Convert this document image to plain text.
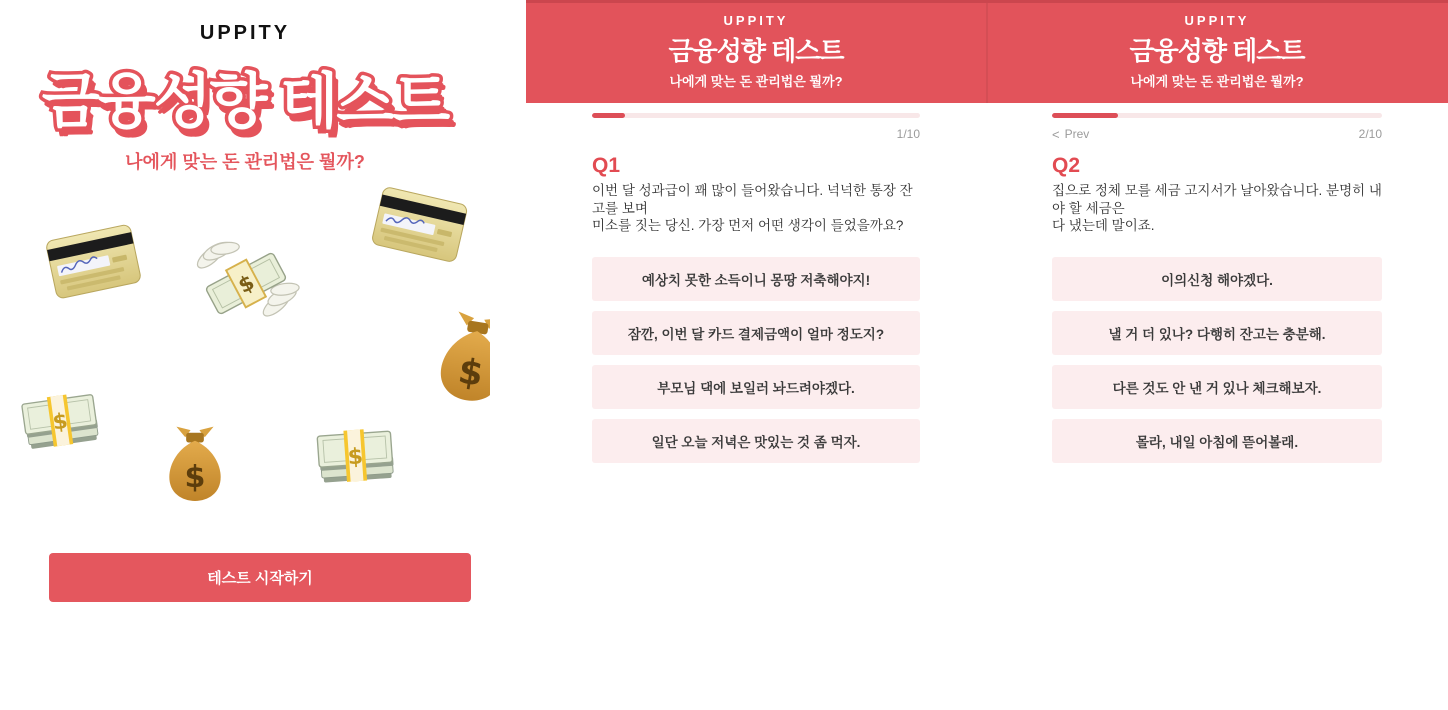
UPPITY
금융성향 테스트
나에게 맞는 돈 관리법은 뭘까?
테스트 시작하기
UPPITY
금융성향 테스트
나에게 맞는 돈 관리법은 뭘까?
1/10
Q1
이번 달 성과급이 꽤 많이 들어왔습니다. 넉넉한 통장 잔고를 보며
미소를 짓는 당신. 가장 먼저 어떤 생각이 들었을까요?
예상치 못한 소득이니 몽땅 저축해야지!
잠깐, 이번 달 카드 결제금액이 얼마 정도지?
부모님 댁에 보일러 놔드려야겠다.
일단 오늘 저녁은 맛있는 것 좀 먹자.
UPPITY
금융성향 테스트
나에게 맞는 돈 관리법은 뭘까?
< Prev	2/10
Q2
집으로 정체 모를 세금 고지서가 날아왔습니다. 분명히 내야 할 세금은
다 냈는데 말이죠.
이의신청 해야겠다.
낼 거 더 있나? 다행히 잔고는 충분해.
다른 것도 안 낸 거 있나 체크해보자.
몰라, 내일 아침에 뜯어볼래.
